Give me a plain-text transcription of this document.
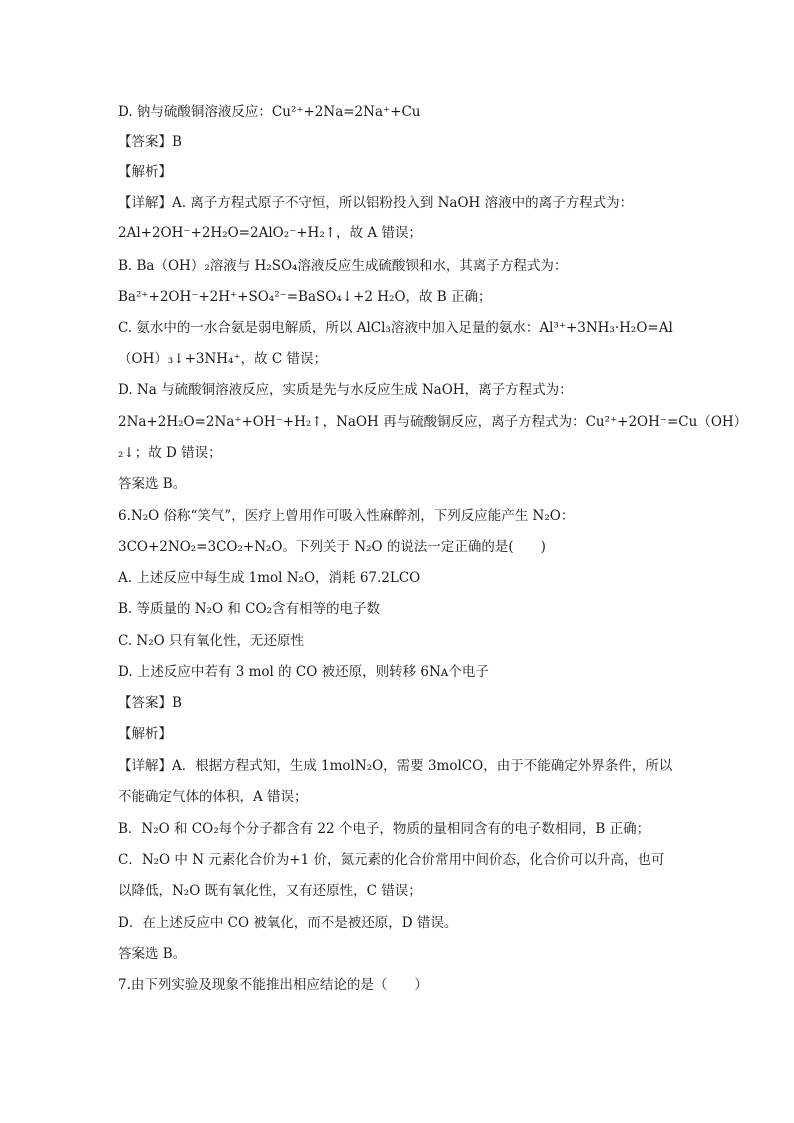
D. 钠与硫酸铜溶液反应：Cu²⁺+2Na=2Na⁺+Cu
【答案】B
【解析】
【详解】A. 离子方程式原子不守恒，所以铝粉投入到 NaOH 溶液中的离子方程式为：
2Al+2OH⁻+2H₂O=2AlO₂⁻+H₂↑，故 A 错误；
B. Ba（OH）₂溶液与 H₂SO₄溶液反应生成硫酸钡和水，其离子方程式为：
Ba²⁺+2OH⁻+2H⁺+SO₄²⁻=BaSO₄↓+2 H₂O，故 B 正确；
C. 氨水中的一水合氨是弱电解质，所以 AlCl₃溶液中加入足量的氨水：Al³⁺+3NH₃·H₂O=Al
（OH）₃↓+3NH₄⁺，故 C 错误；
D. Na 与硫酸铜溶液反应，实质是先与水反应生成 NaOH，离子方程式为：
2Na+2H₂O=2Na⁺+OH⁻+H₂↑，NaOH 再与硫酸铜反应，离子方程式为：Cu²⁺+2OH⁻=Cu（OH）
₂↓；故 D 错误；
答案选 B。
6.N₂O 俗称“笑气”，医疗上曾用作可吸入性麻醉剂，下列反应能产生 N₂O：
3CO+2NO₂=3CO₂+N₂O。下列关于 N₂O 的说法一定正确的是(　　)
A. 上述反应中每生成 1mol N₂O，消耗 67.2LCO
B. 等质量的 N₂O 和 CO₂含有相等的电子数
C. N₂O 只有氧化性，无还原性
D. 上述反应中若有 3 mol 的 CO 被还原，则转移 6Nᴀ个电子
【答案】B
【解析】
【详解】A．根据方程式知，生成 1molN₂O，需要 3molCO，由于不能确定外界条件，所以
不能确定气体的体积，A 错误；
B．N₂O 和 CO₂每个分子都含有 22 个电子，物质的量相同含有的电子数相同，B 正确；
C．N₂O 中 N 元素化合价为+1 价，氮元素的化合价常用中间价态，化合价可以升高，也可
以降低，N₂O 既有氧化性，又有还原性，C 错误；
D．在上述反应中 CO 被氧化，而不是被还原，D 错误。
答案选 B。
7.由下列实验及现象不能推出相应结论的是（　　）
